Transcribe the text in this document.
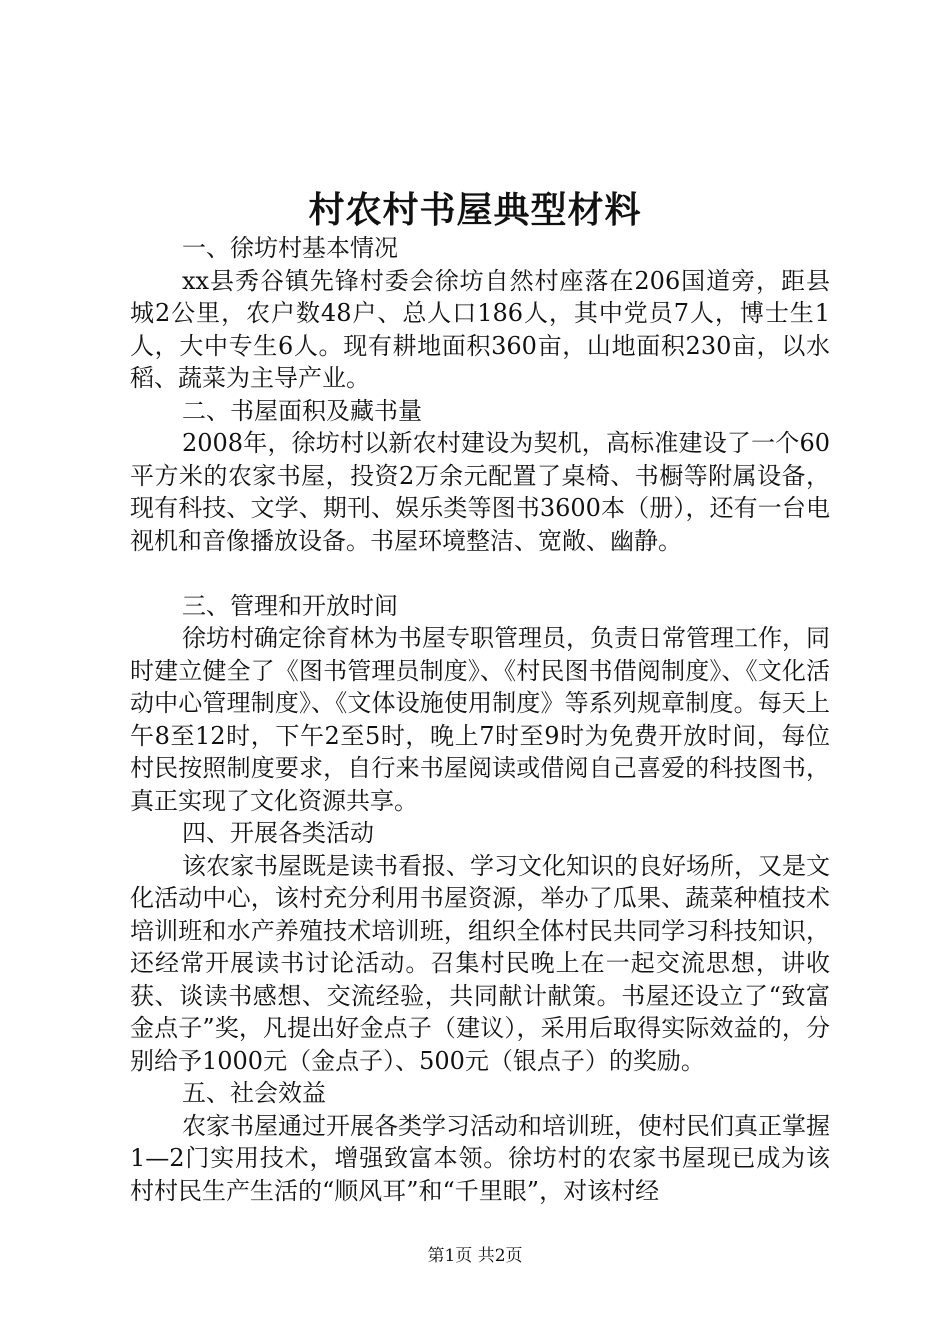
村农村书屋典型材料

一、徐坊村基本情况

xx县秀谷镇先锋村委会徐坊自然村座落在206国道旁，距县城2公里，农户数48户、总人口186人，其中党员7人，博士生1人，大中专生6人。现有耕地面积360亩，山地面积230亩，以水稻、蔬菜为主导产业。

二、书屋面积及藏书量

2008年，徐坊村以新农村建设为契机，高标准建设了一个60平方米的农家书屋，投资2万余元配置了桌椅、书橱等附属设备，现有科技、文学、期刊、娱乐类等图书3600本（册），还有一台电视机和音像播放设备。书屋环境整洁、宽敞、幽静。

三、管理和开放时间

徐坊村确定徐育林为书屋专职管理员，负责日常管理工作，同时建立健全了《图书管理员制度》、《村民图书借阅制度》、《文化活动中心管理制度》、《文体设施使用制度》等系列规章制度。每天上午8至12时，下午2至5时，晚上7时至9时为免费开放时间，每位村民按照制度要求，自行来书屋阅读或借阅自己喜爱的科技图书，真正实现了文化资源共享。

四、开展各类活动

该农家书屋既是读书看报、学习文化知识的良好场所，又是文化活动中心，该村充分利用书屋资源，举办了瓜果、蔬菜种植技术培训班和水产养殖技术培训班，组织全体村民共同学习科技知识，还经常开展读书讨论活动。召集村民晚上在一起交流思想，讲收获、谈读书感想、交流经验，共同献计献策。书屋还设立了“致富金点子”奖，凡提出好金点子（建议），采用后取得实际效益的，分别给予1000元（金点子）、500元（银点子）的奖励。

五、社会效益

农家书屋通过开展各类学习活动和培训班，使村民们真正掌握1—2门实用技术，增强致富本领。徐坊村的农家书屋现已成为该村村民生产生活的“顺风耳”和“千里眼”，对该村经

第1页 共2页
